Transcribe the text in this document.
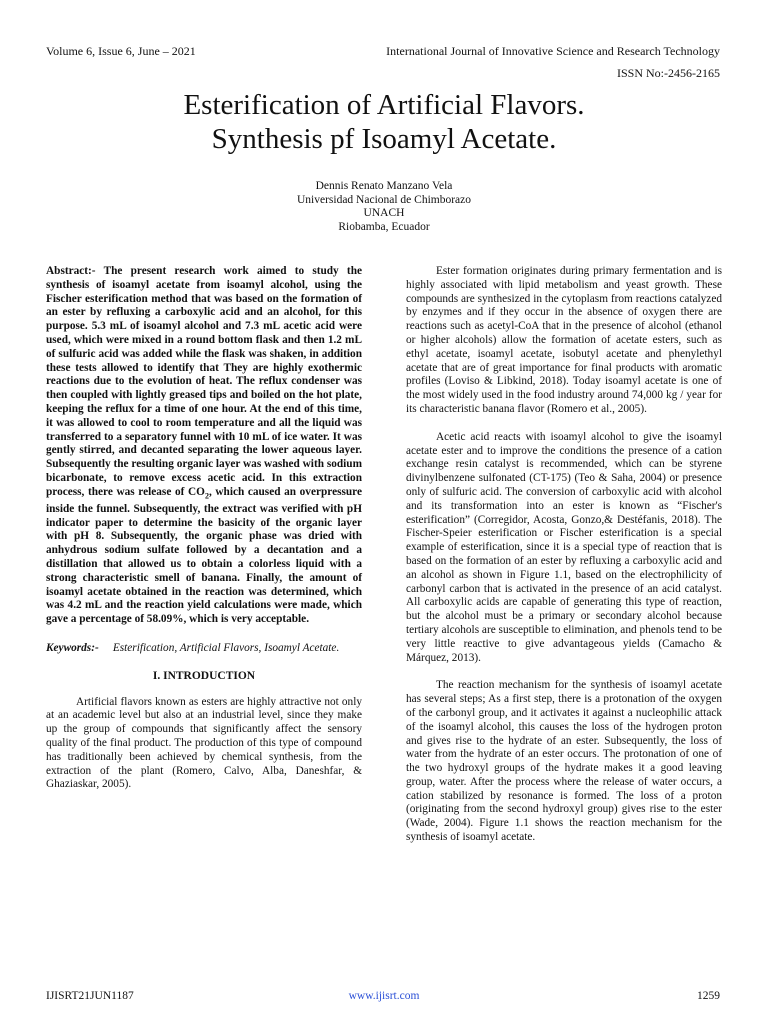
Volume 6, Issue 6, June – 2021	International Journal of Innovative Science and Research Technology
ISSN No:-2456-2165
Esterification of Artificial Flavors.
Synthesis pf Isoamyl Acetate.
Dennis Renato Manzano Vela
Universidad Nacional de Chimborazo
UNACH
Riobamba, Ecuador

Abstract:- The present research work aimed to study the synthesis of isoamyl acetate from isoamyl alcohol, using the Fischer esterification method that was based on the formation of an ester by refluxing a carboxylic acid and an alcohol, for this purpose. 5.3 mL of isoamyl alcohol and 7.3 mL acetic acid were used, which were mixed in a round bottom flask and then 1.2 mL of sulfuric acid was added while the flask was shaken, in addition these tests allowed to identify that They are highly exothermic reactions due to the evolution of heat. The reflux condenser was then coupled with lightly greased tips and boiled on the hot plate, keeping the reflux for a time of one hour. At the end of this time, it was allowed to cool to room temperature and all the liquid was transferred to a separatory funnel with 10 mL of ice water. It was gently stirred, and decanted separating the lower aqueous layer. Subsequently the resulting organic layer was washed with sodium bicarbonate, to remove excess acetic acid. In this extraction process, there was release of $CO_2$, which caused an overpressure inside the funnel. Subsequently, the extract was verified with pH indicator paper to determine the basicity of the organic layer with pH 8. Subsequently, the organic phase was dried with anhydrous sodium sulfate followed by a decantation and a distillation that allowed us to obtain a colorless liquid with a strong characteristic smell of banana. Finally, the amount of isoamyl acetate obtained in the reaction was determined, which was 4.2 mL and the reaction yield calculations were made, which gave a percentage of 58.09%, which is very acceptable.

Keywords:- Esterification, Artificial Flavors, Isoamyl Acetate.

I. INTRODUCTION

Artificial flavors known as esters are highly attractive not only at an academic level but also at an industrial level, since they make up the group of compounds that significantly affect the sensory quality of the final product. The production of this type of compound has traditionally been achieved by chemical synthesis, from the extraction of the plant (Romero, Calvo, Alba, Daneshfar, & Ghaziaskar, 2005).

Ester formation originates during primary fermentation and is highly associated with lipid metabolism and yeast growth. These compounds are synthesized in the cytoplasm from reactions catalyzed by enzymes and if they occur in the absence of oxygen there are reactions such as acetyl-CoA that in the presence of alcohol (ethanol or higher alcohols) allow the formation of acetate esters, such as ethyl acetate, isoamyl acetate, isobutyl acetate and phenylethyl acetate that are of great importance for final products with aromatic profiles (Loviso & Libkind, 2018). Today isoamyl acetate is one of the most widely used in the food industry around 74,000 kg / year for its characteristic banana flavor (Romero et al., 2005).

Acetic acid reacts with isoamyl alcohol to give the isoamyl acetate ester and to improve the conditions the presence of a cation exchange resin catalyst is recommended, which can be styrene divinylbenzene sulfonated (CT-175) (Teo & Saha, 2004) or presence only of sulfuric acid. The conversion of carboxylic acid with alcohol and its transformation into an ester is known as “Fischer's esterification” (Corregidor, Acosta, Gonzo,& Destéfanis, 2018). The Fischer-Speier esterification or Fischer esterification is a special example of esterification, since it is a special type of reaction that is based on the formation of an ester by refluxing a carboxylic acid and an alcohol as shown in Figure 1.1, based on the electrophilicity of carbonyl carbon that is activated in the presence of an acid catalyst. All carboxylic acids are capable of generating this type of reaction, but the alcohol must be a primary or secondary alcohol because tertiary alcohols are susceptible to elimination, and phenols tend to be very little reactive to give advantageous yields (Camacho & Márquez, 2013).

The reaction mechanism for the synthesis of isoamyl acetate has several steps; As a first step, there is a protonation of the oxygen of the carbonyl group, and it activates it against a nucleophilic attack of the isoamyl alcohol, this causes the loss of the hydrogen proton and gives rise to the hydrate of an ester. Subsequently, the loss of water from the hydrate of an ester occurs. The protonation of one of the two hydroxyl groups of the hydrate makes it a good leaving group, water. After the process where the release of water occurs, a cation stabilized by resonance is formed. The loss of a proton (originating from the second hydroxyl group) gives rise to the ester (Wade, 2004). Figure 1.1 shows the reaction mechanism for the synthesis of isoamyl acetate.

IJISRT21JUN1187	www.ijisrt.com	1259
